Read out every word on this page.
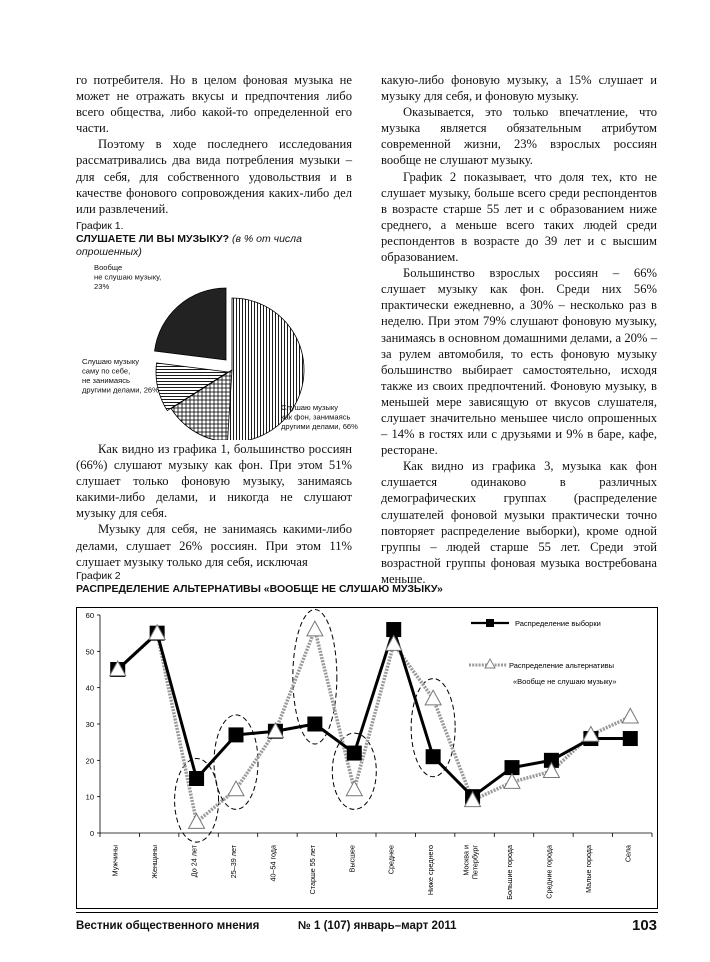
го потребителя. Но в целом фоновая музыка не может не отражать вкусы и предпочтения либо всего общества, либо какой-то определенной его части.

Поэтому в ходе последнего исследования рассматривались два вида потребления музыки – для себя, для собственного удовольствия и в качестве фонового сопровождения каких-либо дел или развлечений.

График 1.
СЛУШАЕТЕ ЛИ ВЫ МУЗЫКУ? (в % от числа опрошенных)
Вообще не слушаю музыку, 23%
Слушаю музыку саму по себе, не занимаясь другими делами, 26%
Слушаю музыку как фон, занимаясь другими делами, 66%

Как видно из графика 1, большинство россиян (66%) слушают музыку как фон. При этом 51% слушает только фоновую музыку, занимаясь какими-либо делами, и никогда не слушают музыку для себя.

Музыку для себя, не занимаясь какими-либо делами, слушает 26% россиян. При этом 11% слушает музыку только для себя, исключая

какую-либо фоновую музыку, а 15% слушает и музыку для себя, и фоновую музыку.

Оказывается, это только впечатление, что музыка является обязательным атрибутом современной жизни, 23% взрослых россиян вообще не слушают музыку.

График 2 показывает, что доля тех, кто не слушает музыку, больше всего среди респондентов в возрасте старше 55 лет и с образованием ниже среднего, а меньше всего таких людей среди респондентов в возрасте до 39 лет и с высшим образованием.

Большинство взрослых россиян – 66% слушает музыку как фон. Среди них 56% практически ежедневно, а 30% – несколько раз в неделю. При этом 79% слушают фоновую музыку, занимаясь в основном домашними делами, а 20% – за рулем автомобиля, то есть фоновую музыку большинство выбирает самостоятельно, исходя также из своих предпочтений. Фоновую музыку, в меньшей мере зависящую от вкусов слушателя, слушает значительно меньшее число опрошенных – 14% в гостях или с друзьями и 9% в баре, кафе, ресторане.

Как видно из графика 3, музыка как фон слушается одинаково в различных демографических группах (распределение слушателей фоновой музыки практически точно повторяет распределение выборки), кроме одной группы – людей старше 55 лет. Среди этой возрастной группы фоновая музыка востребована меньше.

График 2
РАСПРЕДЕЛЕНИЕ АЛЬТЕРНАТИВЫ «ВООБЩЕ НЕ СЛУШАЮ МУЗЫКУ»
0
10
20
30
40
50
60
Мужчины	Женщины	До 24 лет	25–39 лет	40–54 года	Старше 55 лет	Высшее	Среднее	Ниже среднего	Москва иПетербург	Большие города	Средние города	Малые города	Села
Распределение выборки
Распределение альтернативы «Вообще не слушаю музыку»
Вестник общественного мнения	№ 1 (107) январь–март 2011	103
